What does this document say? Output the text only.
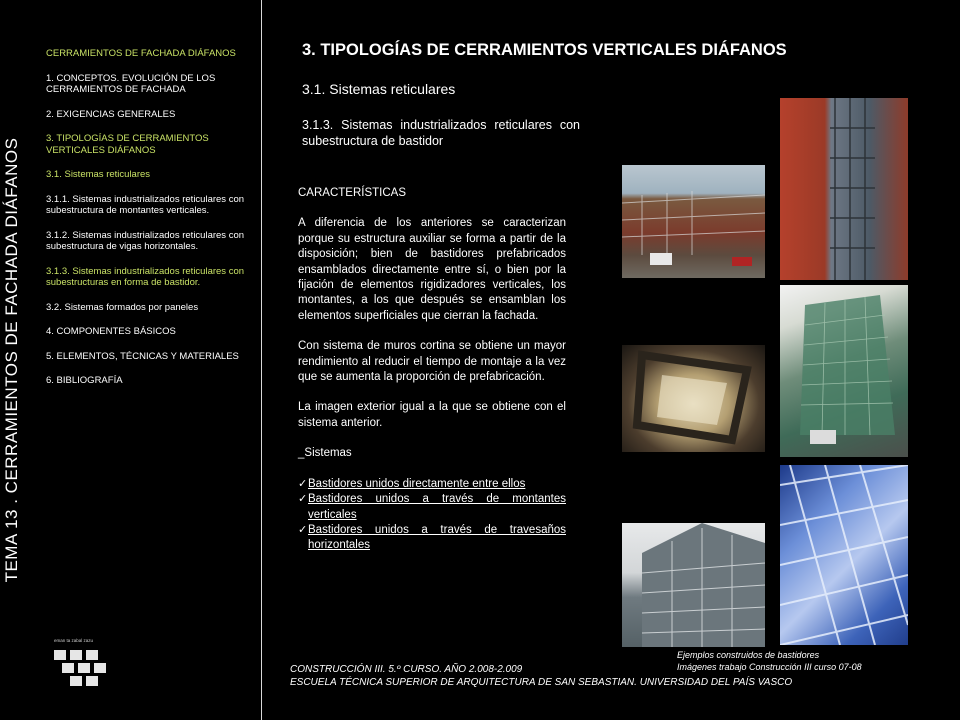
TEMA 13 . CERRAMIENTOS DE FACHADA DIÁFANOS
CERRAMIENTOS DE FACHADA DIÁFANOS
1. CONCEPTOS. EVOLUCIÓN DE LOS CERRAMIENTOS DE FACHADA
2. EXIGENCIAS GENERALES
3. TIPOLOGÍAS DE CERRAMIENTOS VERTICALES DIÁFANOS
3.1. Sistemas reticulares
3.1.1. Sistemas industrializados reticulares con subestructura de montantes verticales.
3.1.2. Sistemas industrializados reticulares con subestructura de vigas horizontales.
3.1.3. Sistemas industrializados reticulares con subestructuras en forma de bastidor.
3.2. Sistemas formados por paneles
4. COMPONENTES BÁSICOS
5. ELEMENTOS, TÉCNICAS Y MATERIALES
6. BIBLIOGRAFÍA
eman ta zabal zazu
3. TIPOLOGÍAS DE CERRAMIENTOS VERTICALES DIÁFANOS
3.1. Sistemas reticulares
3.1.3. Sistemas industrializados reticulares con subestructura de bastidor

CARACTERÍSTICAS

A diferencia de los anteriores se caracterizan porque su estructura auxiliar se forma a partir de la disposición; bien de bastidores prefabricados ensamblados directamente entre sí, o bien por la fijación de elementos rigidizadores verticales, los montantes, a los que después se ensamblan los elementos superficiales que cierran la fachada.

Con sistema de muros cortina se obtiene un mayor rendimiento al reducir el tiempo de montaje a la vez que se aumenta la proporción de prefabricación.

La imagen exterior igual a la que se obtiene con el sistema anterior.

_Sistemas

✓ Bastidores unidos directamente entre ellos
✓ Bastidores unidos a través de montantes verticales
✓ Bastidores unidos a través de travesaños horizontales
Ejemplos construidos de bastidores
Imágenes trabajo Construcción III curso 07-08
CONSTRUCCIÓN III. 5.º CURSO. AÑO 2.008-2.009
ESCUELA TÉCNICA SUPERIOR DE ARQUITECTURA DE SAN SEBASTIAN. UNIVERSIDAD DEL PAÍS VASCO
